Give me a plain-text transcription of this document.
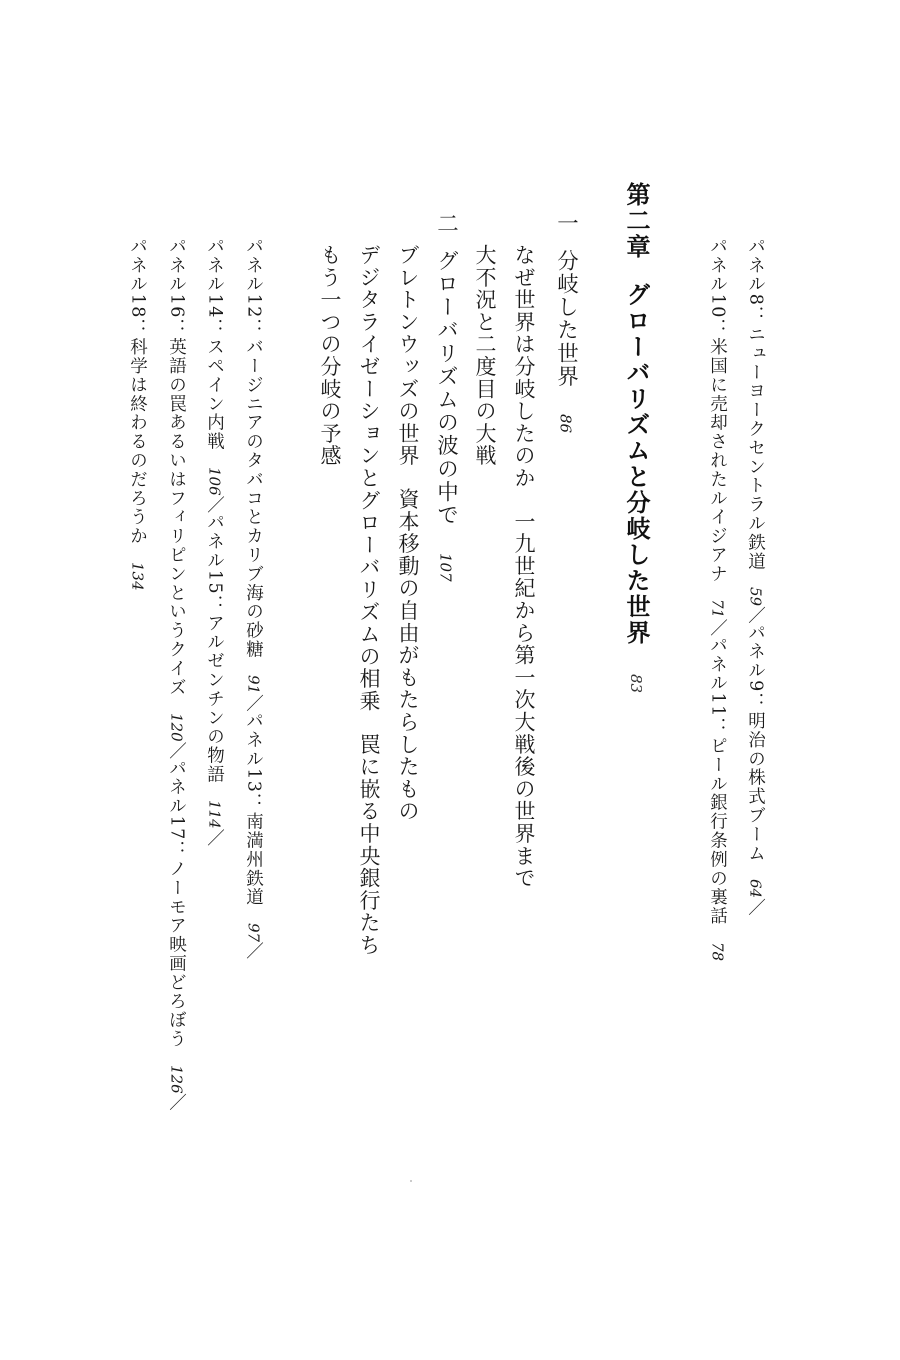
パネル8：ニューヨークセントラル鉄道59／パネル9：明治の株式ブーム64／
パネル10：米国に売却されたルイジアナ71／パネル11：ピール銀行条例の裏話78
第二章グローバリズムと分岐した世界83
一分岐した世界86
なぜ世界は分岐したのか一九世紀から第一次大戦後の世界まで
大不況と二度目の大戦
二グローバリズムの波の中で107
ブレトンウッズの世界資本移動の自由がもたらしたもの
デジタライゼーションとグローバリズムの相乗罠に嵌る中央銀行たち
もう一つの分岐の予感
パネル12：バージニアのタバコとカリブ海の砂糖91／パネル13：南満州鉄道97／
パネル14：スペイン内戦106／パネル15：アルゼンチンの物語114／
パネル16：英語の罠あるいはフィリピンというクイズ120／パネル17：ノーモア映画どろぼう126／
パネル18：科学は終わるのだろうか134
